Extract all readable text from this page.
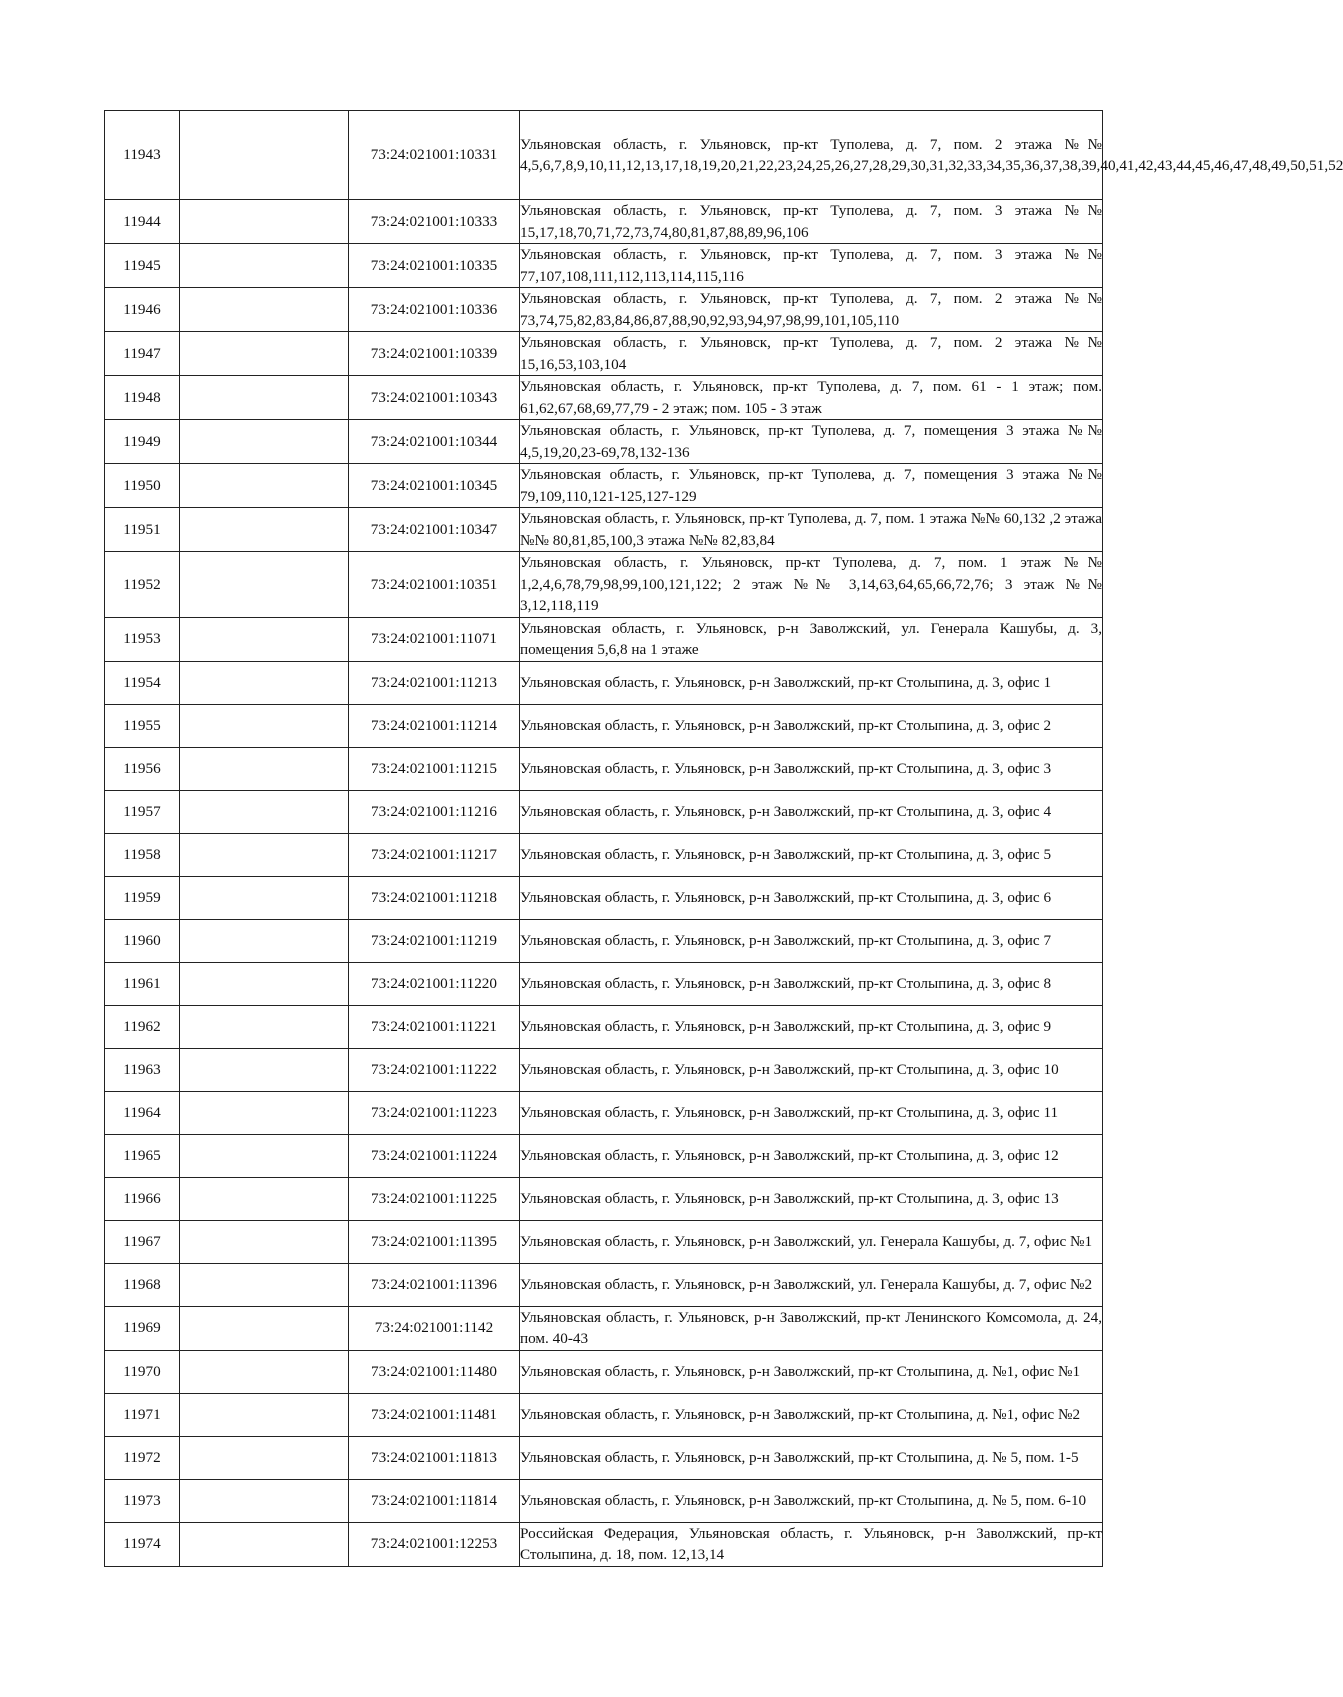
11943		73:24:021001:10331	Ульяновская область, г. Ульяновск, пр-кт Туполева, д. 7, пом. 2 этажа №№ 4,5,6,7,8,9,10,11,12,13,17,18,19,20,21,22,23,24,25,26,27,28,29,30,31,32,33,34,35,36,37,38,39,40,41,42,43,44,45,46,47,48,49,50,51,52
11944		73:24:021001:10333	Ульяновская область, г. Ульяновск, пр-кт Туполева, д. 7, пом. 3 этажа №№ 15,17,18,70,71,72,73,74,80,81,87,88,89,96,106
11945		73:24:021001:10335	Ульяновская область, г. Ульяновск, пр-кт Туполева, д. 7, пом. 3 этажа №№ 77,107,108,111,112,113,114,115,116
11946		73:24:021001:10336	Ульяновская область, г. Ульяновск, пр-кт Туполева, д. 7, пом. 2 этажа №№ 73,74,75,82,83,84,86,87,88,90,92,93,94,97,98,99,101,105,110
11947		73:24:021001:10339	Ульяновская область, г. Ульяновск, пр-кт Туполева, д. 7, пом. 2 этажа №№ 15,16,53,103,104
11948		73:24:021001:10343	Ульяновская область, г. Ульяновск, пр-кт Туполева, д. 7, пом. 61 - 1 этаж; пом. 61,62,67,68,69,77,79 - 2 этаж; пом. 105 - 3 этаж
11949		73:24:021001:10344	Ульяновская область, г. Ульяновск, пр-кт Туполева, д. 7, помещения 3 этажа №№ 4,5,19,20,23-69,78,132-136
11950		73:24:021001:10345	Ульяновская область, г. Ульяновск, пр-кт Туполева, д. 7, помещения 3 этажа №№ 79,109,110,121-125,127-129
11951		73:24:021001:10347	Ульяновская область, г. Ульяновск, пр-кт Туполева, д. 7, пом. 1 этажа №№ 60,132 ,2 этажа №№ 80,81,85,100,3 этажа №№ 82,83,84
11952		73:24:021001:10351	Ульяновская область, г. Ульяновск, пр-кт Туполева, д. 7, пом. 1 этаж №№ 1,2,4,6,78,79,98,99,100,121,122; 2 этаж №№ 3,14,63,64,65,66,72,76; 3 этаж №№ 3,12,118,119
11953		73:24:021001:11071	Ульяновская область, г. Ульяновск, р-н Заволжский, ул. Генерала Кашубы, д. 3, помещения 5,6,8 на 1 этаже
11954		73:24:021001:11213	Ульяновская область, г. Ульяновск, р-н Заволжский, пр-кт Столыпина, д. 3, офис 1
11955		73:24:021001:11214	Ульяновская область, г. Ульяновск, р-н Заволжский, пр-кт Столыпина, д. 3, офис 2
11956		73:24:021001:11215	Ульяновская область, г. Ульяновск, р-н Заволжский, пр-кт Столыпина, д. 3, офис 3
11957		73:24:021001:11216	Ульяновская область, г. Ульяновск, р-н Заволжский, пр-кт Столыпина, д. 3, офис 4
11958		73:24:021001:11217	Ульяновская область, г. Ульяновск, р-н Заволжский, пр-кт Столыпина, д. 3, офис 5
11959		73:24:021001:11218	Ульяновская область, г. Ульяновск, р-н Заволжский, пр-кт Столыпина, д. 3, офис 6
11960		73:24:021001:11219	Ульяновская область, г. Ульяновск, р-н Заволжский, пр-кт Столыпина, д. 3, офис 7
11961		73:24:021001:11220	Ульяновская область, г. Ульяновск, р-н Заволжский, пр-кт Столыпина, д. 3, офис 8
11962		73:24:021001:11221	Ульяновская область, г. Ульяновск, р-н Заволжский, пр-кт Столыпина, д. 3, офис 9
11963		73:24:021001:11222	Ульяновская область, г. Ульяновск, р-н Заволжский, пр-кт Столыпина, д. 3, офис 10
11964		73:24:021001:11223	Ульяновская область, г. Ульяновск, р-н Заволжский, пр-кт Столыпина, д. 3, офис 11
11965		73:24:021001:11224	Ульяновская область, г. Ульяновск, р-н Заволжский, пр-кт Столыпина, д. 3, офис 12
11966		73:24:021001:11225	Ульяновская область, г. Ульяновск, р-н Заволжский, пр-кт Столыпина, д. 3, офис 13
11967		73:24:021001:11395	Ульяновская область, г. Ульяновск, р-н Заволжский, ул. Генерала Кашубы, д. 7, офис №1
11968		73:24:021001:11396	Ульяновская область, г. Ульяновск, р-н Заволжский, ул. Генерала Кашубы, д. 7, офис №2
11969		73:24:021001:1142	Ульяновская область, г. Ульяновск, р-н Заволжский, пр-кт Ленинского Комсомола, д. 24, пом. 40-43
11970		73:24:021001:11480	Ульяновская область, г. Ульяновск, р-н Заволжский, пр-кт Столыпина, д. №1, офис №1
11971		73:24:021001:11481	Ульяновская область, г. Ульяновск, р-н Заволжский, пр-кт Столыпина, д. №1, офис №2
11972		73:24:021001:11813	Ульяновская область, г. Ульяновск, р-н Заволжский, пр-кт Столыпина, д. № 5, пом. 1-5
11973		73:24:021001:11814	Ульяновская область, г. Ульяновск, р-н Заволжский, пр-кт Столыпина, д. № 5, пом. 6-10
11974		73:24:021001:12253	Российская Федерация, Ульяновская область, г. Ульяновск, р-н Заволжский, пр-кт Столыпина, д. 18, пом. 12,13,14
